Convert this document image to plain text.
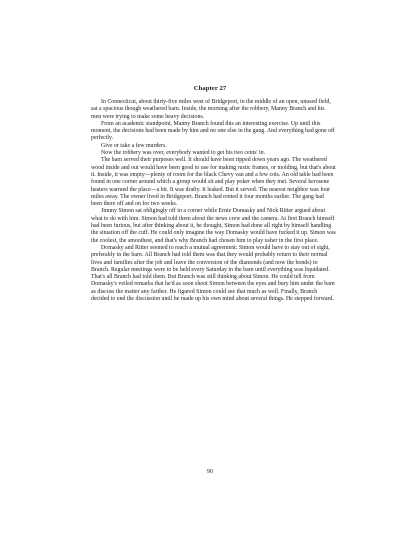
Chapter 27

In Connecticut, about thirty-five miles west of Bridgeport, in the middle of an open, unused field, sat a spacious though weathered barn. Inside, the morning after the robbery, Manny Branch and his men were trying to make some heavy decisions.

From an academic standpoint, Manny Branch found this an interesting exercise. Up until this moment, the decisions had been made by him and no one else in the gang. And everything had gone off perfectly.

Give or take a few murders.

Now the robbery was over, everybody wanted to get his two cents' in.

The barn served their purposes well. It should have been ripped down years ago. The weathered wood inside and out would have been good to use for making rustic frames, or molding, but that's about it. Inside, it was empty—plenty of room for the black Chevy van and a few cots. An old table had been found in one corner around which a group would sit and play poker when they met. Several kerosene heaters warmed the place—a bit. It was drafty. It leaked. But it served. The nearest neighbor was four miles away. The owner lived in Bridgeport. Branch had rented it four months earlier. The gang had been there off and on for two weeks.

Jimmy Simon sat obligingly off in a corner while Ernie Domasky and Nick Ritter argued about what to do with him. Simon had told them about the news crew and the camera. At first Branch himself had been furious, but after thinking about it, he thought, Simon had done all right by himself handling the situation off the cuff. He could only imagine the way Domasky would have fucked it up. Simon was the coolest, the smoothest, and that's why Branch had chosen him to play usher in the first place.

Domasky and Ritter seemed to reach a mutual agreement: Simon would have to stay out of sight, preferably in the barn. All Branch had told them was that they would probably return to their normal lives and families after the job and leave the conversion of the diamonds (and now the bonds) to Branch. Regular meetings were to be held every Saturday in the barn until everything was liquidated. That's all Branch had told them. But Branch was still thinking about Simon. He could tell from Domasky's veiled remarks that he'd as soon shoot Simon between the eyes and bury him under the barn as discuss the matter any farther. He figured Simon could see that much as well. Finally, Branch decided to end the discussion until he made up his own mind about several things. He stepped forward.

90
